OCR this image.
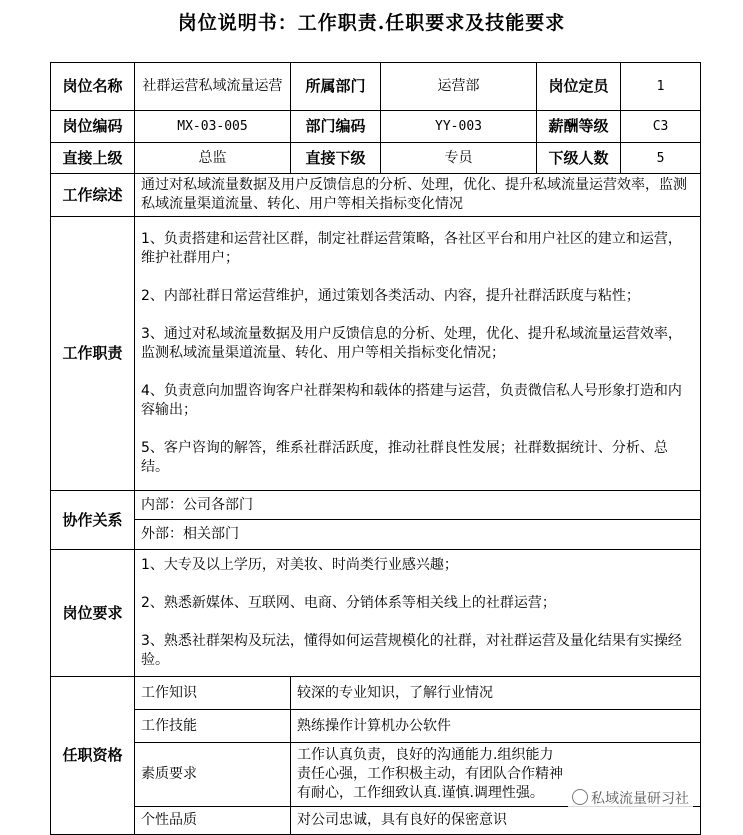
岗位说明书：工作职责.任职要求及技能要求
岗位名称	社群运营私域流量运营	所属部门	运营部	岗位定员	1
岗位编码	MX-03-005	部门编码	YY-003	薪酬等级	C3
直接上级	总监	直接下级	专员	下级人数	5
工作综述	通过对私域流量数据及用户反馈信息的分析、处理，优化、提升私域流量运营效率，监测私域流量渠道流量、转化、用户等相关指标变化情况				
工作职责	1、负责搭建和运营社区群，制定社群运营策略，各社区平台和用户社区的建立和运营，维护社群用户；

2、内部社群日常运营维护，通过策划各类活动、内容，提升社群活跃度与粘性；

3、通过对私域流量数据及用户反馈信息的分析、处理，优化、提升私域流量运营效率，监测私域流量渠道流量、转化、用户等相关指标变化情况；

4、负责意向加盟咨询客户社群架构和载体的搭建与运营，负责微信私人号形象打造和内容输出；

5、客户咨询的解答，维系社群活跃度，推动社群良性发展；社群数据统计、分析、总结。				

协作关系	内部：公司各部门				
	外部：相关部门				
岗位要求	1、大专及以上学历，对美妆、时尚类行业感兴趣；

2、熟悉新媒体、互联网、电商、分销体系等相关线上的社群运营；

3、熟悉社群架构及玩法，懂得如何运营规模化的社群，对社群运营及量化结果有实操经验。				

任职资格	工作知识	较深的专业知识，了解行业情况			
	工作技能	熟练操作计算机办公软件			
	素质要求	工作认真负责，良好的沟通能力.组织能力

责任心强，工作积极主动，有团队合作精神

有耐心，工作细致认真.谨慎.调理性强。			

	个性品质	对公司忠诚，具有良好的保密意识			
私域流量研习社
